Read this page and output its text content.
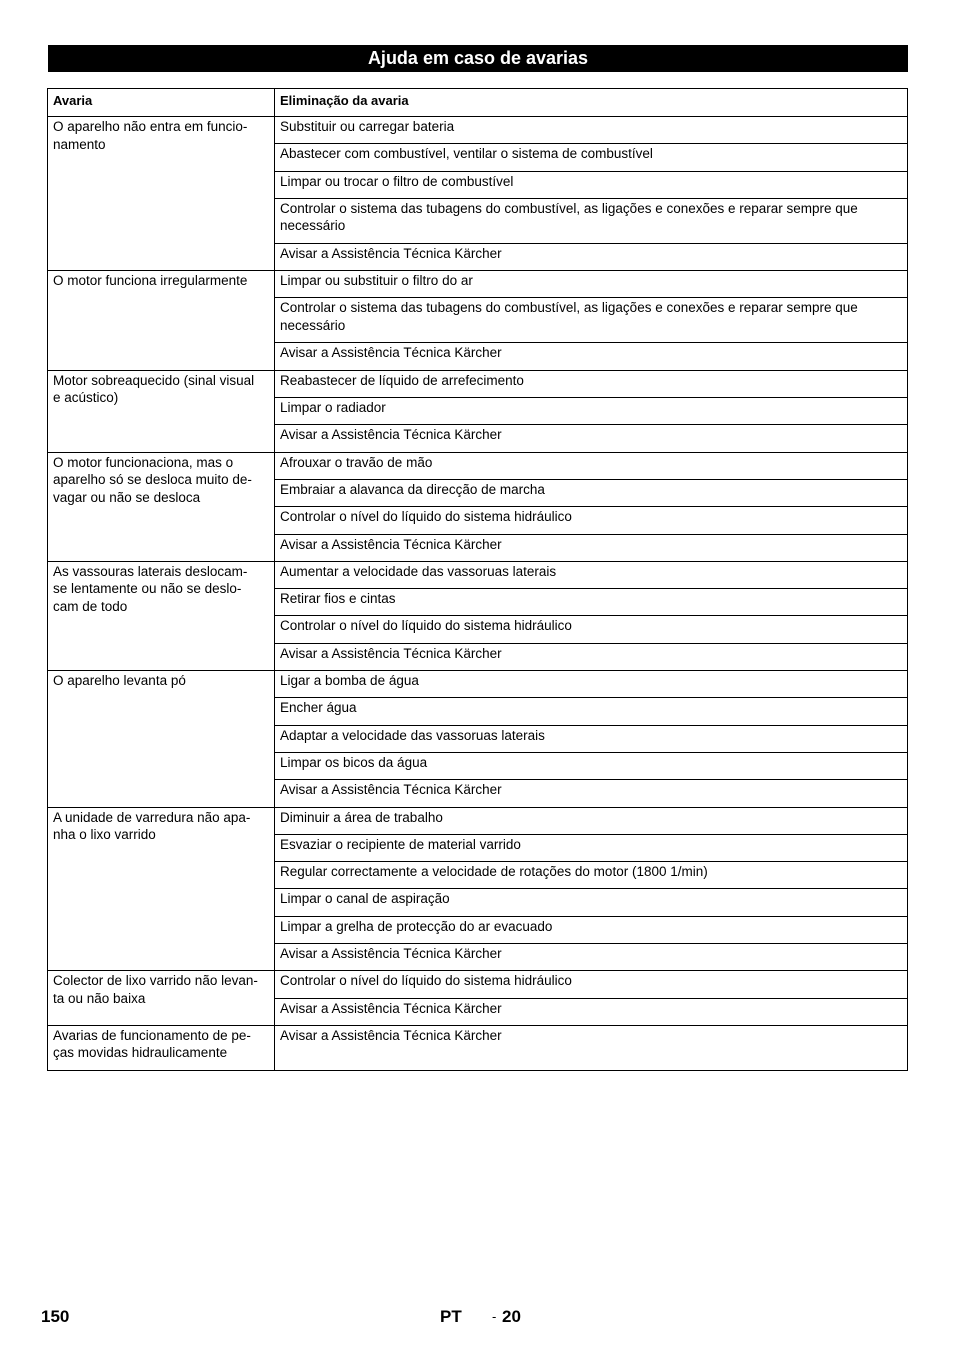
Ajuda em caso de avarias
Avaria	Eliminação da avaria
O aparelho não entra em funcio-
namento	Substituir ou carregar bateria
	Abastecer com combustível, ventilar o sistema de combustível
	Limpar ou trocar o filtro de combustível
	Controlar o sistema das tubagens do combustível, as ligações e conexões e reparar sempre que necessário
	Avisar a Assistência Técnica Kärcher
O motor funciona irregularmente	Limpar ou substituir o filtro do ar
	Controlar o sistema das tubagens do combustível, as ligações e conexões e reparar sempre que necessário
	Avisar a Assistência Técnica Kärcher
Motor sobreaquecido (sinal visual
e acústico)	Reabastecer de líquido de arrefecimento
	Limpar o radiador
	Avisar a Assistência Técnica Kärcher
O motor funcionaciona, mas o
aparelho só se desloca muito de-
vagar ou não se desloca	Afrouxar o travão de mão
	Embraiar a alavanca da direcção de marcha
	Controlar o nível do líquido do sistema hidráulico
	Avisar a Assistência Técnica Kärcher
As vassouras laterais deslocam-
se lentamente ou não se deslo-
cam de todo	Aumentar a velocidade das vassoruas laterais
	Retirar fios e cintas
	Controlar o nível do líquido do sistema hidráulico
	Avisar a Assistência Técnica Kärcher
O aparelho levanta pó	Ligar a bomba de água
	Encher água
	Adaptar a velocidade das vassoruas laterais
	Limpar os bicos da água
	Avisar a Assistência Técnica Kärcher
A unidade de varredura não apa-
nha o lixo varrido	Diminuir a área de trabalho
	Esvaziar o recipiente de material varrido
	Regular correctamente a velocidade de rotações do motor (1800 1/min)
	Limpar o canal de aspiração
	Limpar a grelha de protecção do ar evacuado
	Avisar a Assistência Técnica Kärcher
Colector de lixo varrido não levan-
ta ou não baixa	Controlar o nível do líquido do sistema hidráulico
	Avisar a Assistência Técnica Kärcher
Avarias de funcionamento de pe-
ças movidas hidraulicamente	Avisar a Assistência Técnica Kärcher
150	PT - 20
